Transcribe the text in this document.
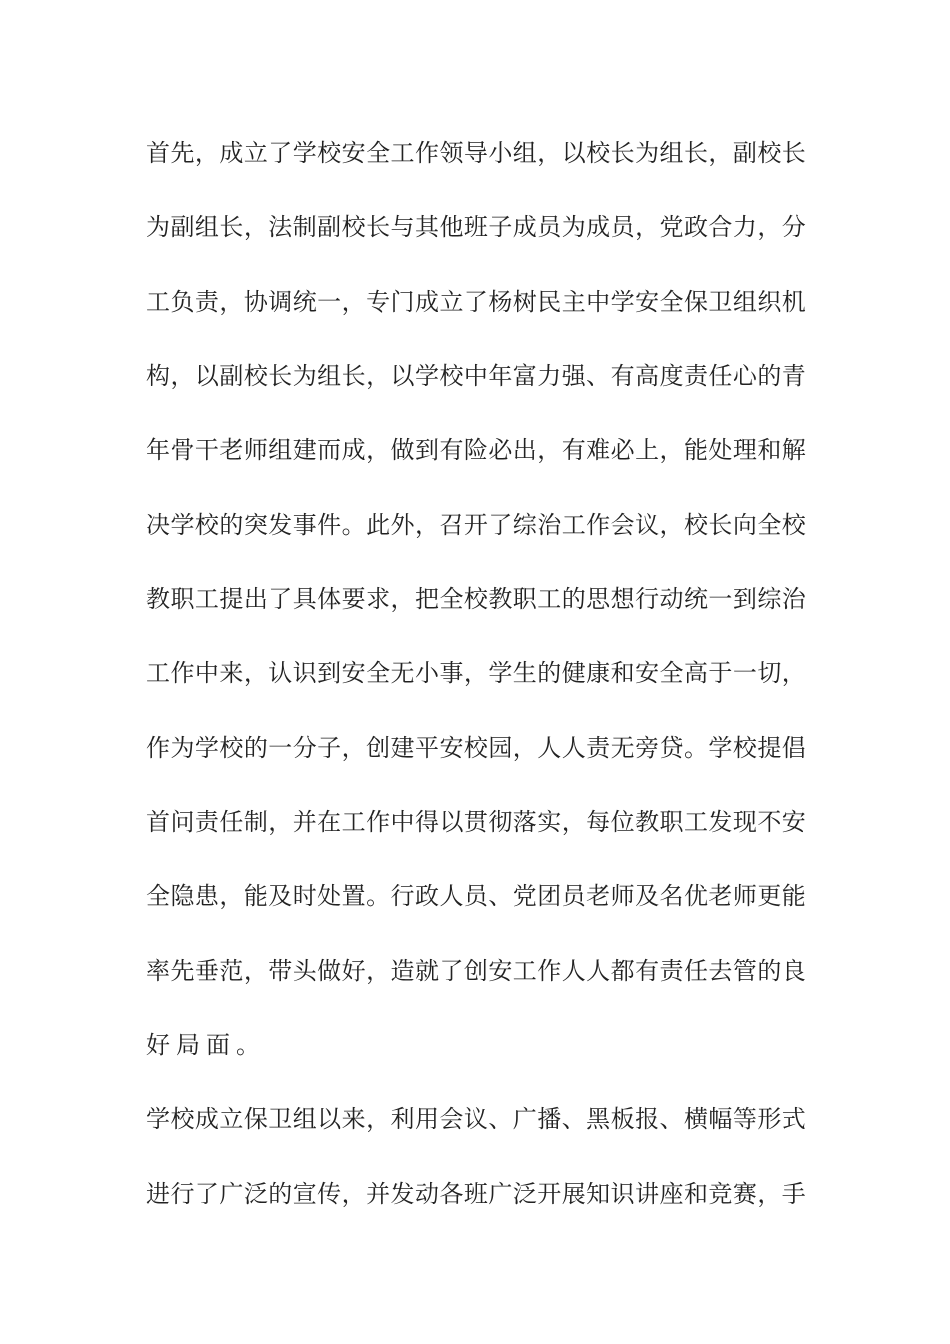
首 先 ， 成 立 了 学 校 安 全 工 作 领 导 小 组 ， 以 校 长 为 组 长 ， 副 校 长

为 副 组 长 ， 法 制 副 校 长 与 其 他 班 子 成 员 为 成 员 ， 党 政 合 力 ， 分

工 负 责 ， 协 调 统 一 ， 专 门 成 立 了 杨 树 民 主 中 学 安 全 保 卫 组 织 机

构 ， 以 副 校 长 为 组 长 ， 以 学 校 中 年 富 力 强 、 有 高 度 责 任 心 的 青

年 骨 干 老 师 组 建 而 成 ， 做 到 有 险 必 出 ， 有 难 必 上 ， 能 处 理 和 解

决 学 校 的 突 发 事 件 。 此 外 ， 召 开 了 综 治 工 作 会 议 ， 校 长 向 全 校

教 职 工 提 出 了 具 体 要 求 ， 把 全 校 教 职 工 的 思 想 行 动 统 一 到 综 治

工 作 中 来 ， 认 识 到 安 全 无 小 事 ， 学 生 的 健 康 和 安 全 高 于 一 切 ，

作 为 学 校 的 一 分 子 ， 创 建 平 安 校 园 ， 人 人 责 无 旁 贷 。 学 校 提 倡

首 问 责 任 制 ， 并 在 工 作 中 得 以 贯 彻 落 实 ， 每 位 教 职 工 发 现 不 安

全 隐 患 ， 能 及 时 处 置 。 行 政 人 员 、 党 团 员 老 师 及 名 优 老 师 更 能

率 先 垂 范 ， 带 头 做 好 ， 造 就 了 创 安 工 作 人 人 都 有 责 任 去 管 的 良

好局面。

学 校 成 立 保 卫 组 以 来 ， 利 用 会 议 、 广 播 、 黑 板 报 、 横 幅 等 形 式

进 行 了 广 泛 的 宣 传 ， 并 发 动 各 班 广 泛 开 展 知 识 讲 座 和 竞 赛 ， 手
